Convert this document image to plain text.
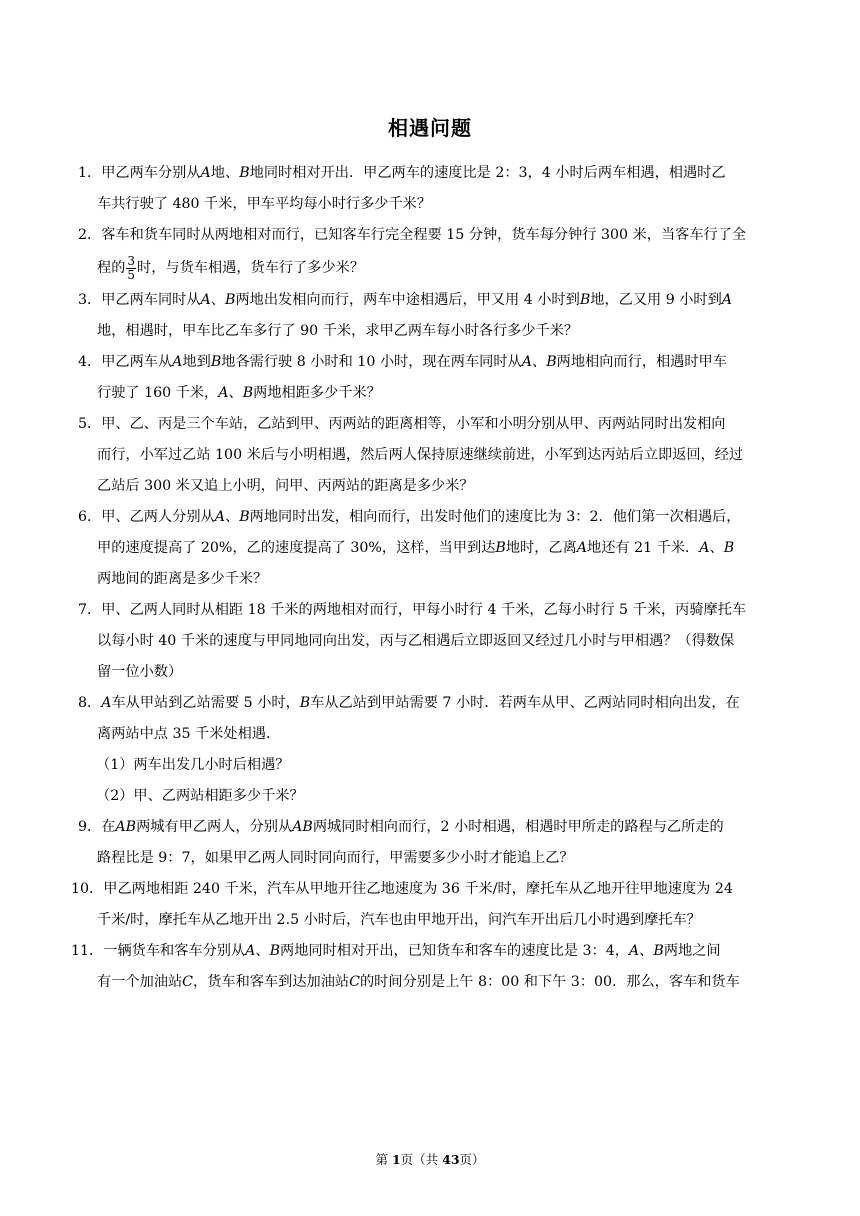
相遇问题
1．甲乙两车分别从A地、B地同时相对开出．甲乙两车的速度比是 2：3，4 小时后两车相遇，相遇时乙
车共行驶了 480 千米，甲车平均每小时行多少千米？
2．客车和货车同时从两地相对而行，已知客车行完全程要 15 分钟，货车每分钟行 300 米，当客车行了全
程的 $\frac{3}{5}$ 时，与货车相遇，货车行了多少米？
3．甲乙两车同时从A、B两地出发相向而行，两车中途相遇后，甲又用 4 小时到B地，乙又用 9 小时到A
地，相遇时，甲车比乙车多行了 90 千米，求甲乙两车每小时各行多少千米？
4．甲乙两车从A地到B地各需行驶 8 小时和 10 小时，现在两车同时从A、B两地相向而行，相遇时甲车
行驶了 160 千米，A、B两地相距多少千米？
5．甲、乙、丙是三个车站，乙站到甲、丙两站的距离相等，小军和小明分别从甲、丙两站同时出发相向
而行，小军过乙站 100 米后与小明相遇，然后两人保持原速继续前进，小军到达丙站后立即返回，经过
乙站后 300 米又追上小明，问甲、丙两站的距离是多少米？
6．甲、乙两人分别从A、B两地同时出发，相向而行，出发时他们的速度比为 3：2．他们第一次相遇后，
甲的速度提高了 20%，乙的速度提高了 30%，这样，当甲到达B地时，乙离A地还有 21 千米．A、B
两地间的距离是多少千米？
7．甲、乙两人同时从相距 18 千米的两地相对而行，甲每小时行 4 千米，乙每小时行 5 千米，丙骑摩托车
以每小时 40 千米的速度与甲同地同向出发，丙与乙相遇后立即返回又经过几小时与甲相遇？（得数保
留一位小数）
8．A车从甲站到乙站需要 5 小时，B车从乙站到甲站需要 7 小时．若两车从甲、乙两站同时相向出发，在
离两站中点 35 千米处相遇．
（1）两车出发几小时后相遇？
（2）甲、乙两站相距多少千米？
9．在AB两城有甲乙两人，分别从AB两城同时相向而行，2 小时相遇，相遇时甲所走的路程与乙所走的
路程比是 9：7，如果甲乙两人同时同向而行，甲需要多少小时才能追上乙？
10．甲乙两地相距 240 千米，汽车从甲地开往乙地速度为 36 千米/时，摩托车从乙地开往甲地速度为 24
千米/时，摩托车从乙地开出 2.5 小时后，汽车也由甲地开出，问汽车开出后几小时遇到摩托车？
11．一辆货车和客车分别从A、B两地同时相对开出，已知货车和客车的速度比是 3：4，A、B两地之间
有一个加油站C，货车和客车到达加油站C的时间分别是上午 8：00 和下午 3：00．那么，客车和货车
第 1页（共 43页）
